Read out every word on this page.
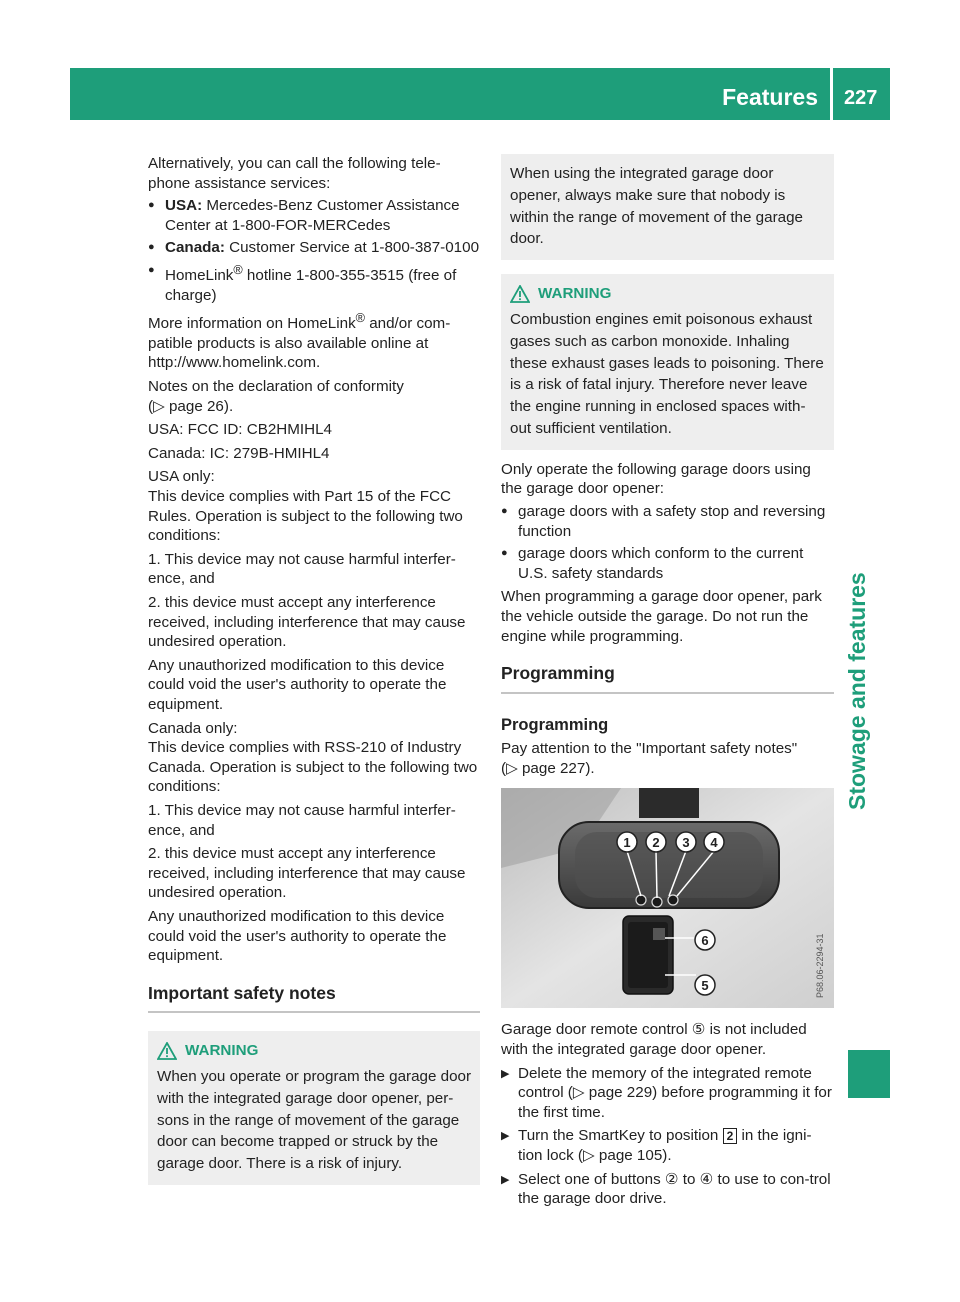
Features 227
Stowage and features

Alternatively, you can call the following tele-phone assistance services:

● USA: Mercedes-Benz Customer Assistance Center at 1-800-FOR-MERCedes
● Canada: Customer Service at 1-800-387-0100
● HomeLink® hotline 1-800-355-3515 (free of charge)

More information on HomeLink® and/or com-patible products is also available online at http://www.homelink.com.

Notes on the declaration of conformity
(▷ page 26).

USA: FCC ID: CB2HMIHL4

Canada: IC: 279B-HMIHL4

USA only:

This device complies with Part 15 of the FCC Rules. Operation is subject to the following two conditions:

1. This device may not cause harmful interfer-ence, and

2. this device must accept any interference received, including interference that may cause undesired operation.

Any unauthorized modification to this device could void the user's authority to operate the equipment.

Canada only:

This device complies with RSS-210 of Industry Canada. Operation is subject to the following two conditions:

1. This device may not cause harmful interfer-ence, and

2. this device must accept any interference received, including interference that may cause undesired operation.

Any unauthorized modification to this device could void the user's authority to operate the equipment.

Important safety notes
WARNING
When you operate or program the garage door with the integrated garage door opener, per-sons in the range of movement of the garage door can become trapped or struck by the garage door. There is a risk of injury.
When using the integrated garage door opener, always make sure that nobody is within the range of movement of the garage door.
WARNING
Combustion engines emit poisonous exhaust gases such as carbon monoxide. Inhaling these exhaust gases leads to poisoning. There is a risk of fatal injury. Therefore never leave the engine running in enclosed spaces with-out sufficient ventilation.

Only operate the following garage doors using the garage door opener:

● garage doors with a safety stop and reversing function
● garage doors which conform to the current U.S. safety standards

When programming a garage door opener, park the vehicle outside the garage. Do not run the engine while programming.

Programming
Programming

Pay attention to the "Important safety notes"
(▷ page 227).

1 2 3 4
5
6	P68.06-2294-31

Garage door remote control ⑤ is not included with the integrated garage door opener.

▶ Delete the memory of the integrated remote control (▷ page 229) before programming it for the first time.
▶ Turn the SmartKey to position 2 in the igni-tion lock (▷ page 105).
▶ Select one of buttons ② to ④ to use to con-trol the garage door drive.
